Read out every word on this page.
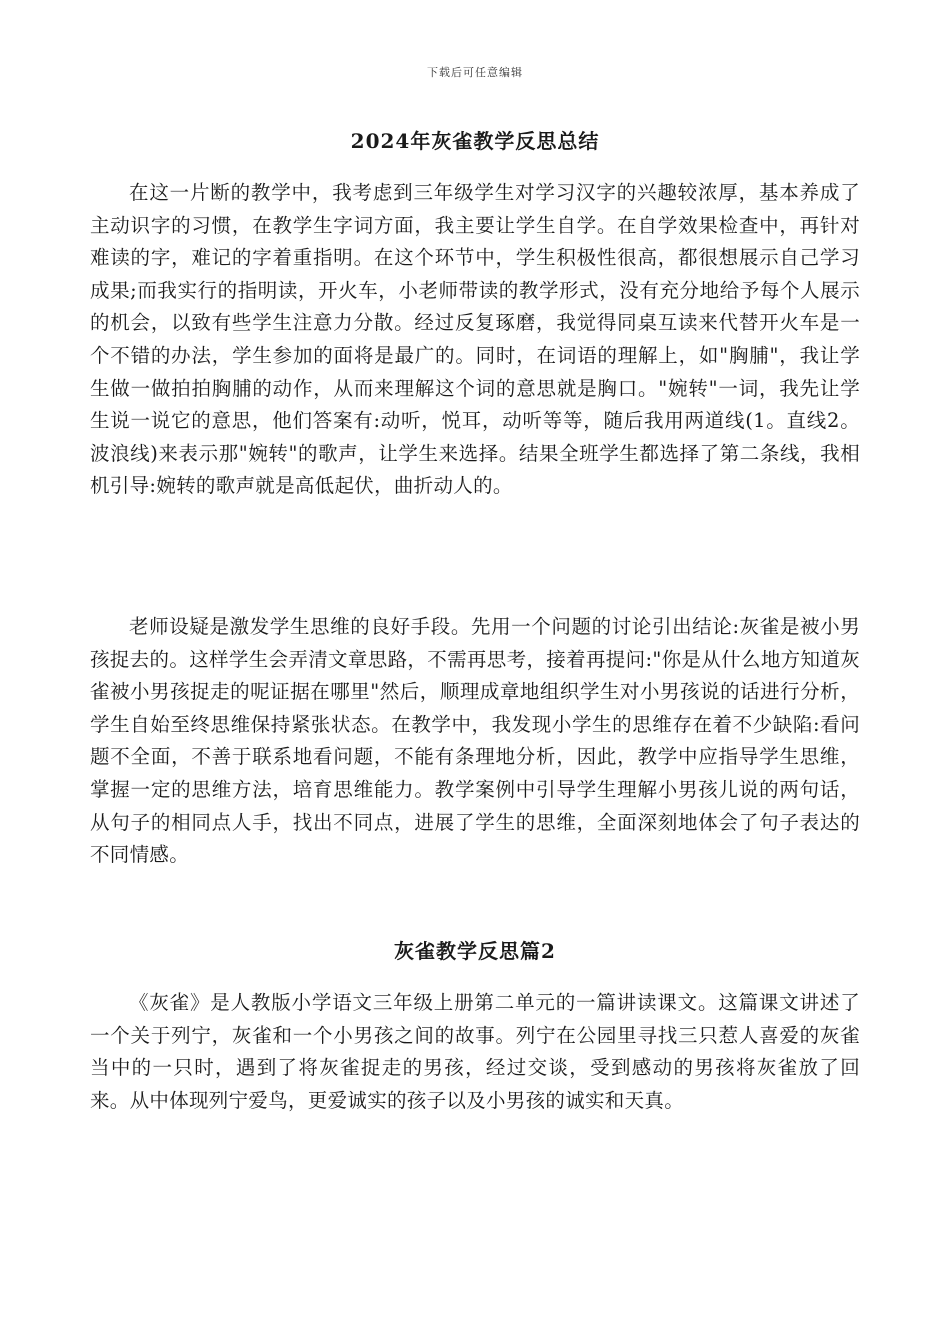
下载后可任意编辑
2024年灰雀教学反思总结

在这一片断的教学中，我考虑到三年级学生对学习汉字的兴趣较浓厚，基本养成了主动识字的习惯，在教学生字词方面，我主要让学生自学。在自学效果检查中，再针对难读的字，难记的字着重指明。在这个环节中，学生积极性很高，都很想展示自己学习成果;而我实行的指明读，开火车，小老师带读的教学形式，没有充分地给予每个人展示的机会，以致有些学生注意力分散。经过反复琢磨，我觉得同桌互读来代替开火车是一个不错的办法，学生参加的面将是最广的。同时，在词语的理解上，如"胸脯"，我让学生做一做拍拍胸脯的动作，从而来理解这个词的意思就是胸口。"婉转"一词，我先让学生说一说它的意思，他们答案有:动听，悦耳，动听等等，随后我用两道线(1。直线2。波浪线)来表示那"婉转"的歌声，让学生来选择。结果全班学生都选择了第二条线，我相机引导:婉转的歌声就是高低起伏，曲折动人的。

老师设疑是激发学生思维的良好手段。先用一个问题的讨论引出结论:灰雀是被小男孩捉去的。这样学生会弄清文章思路，不需再思考，接着再提问:"你是从什么地方知道灰雀被小男孩捉走的呢证据在哪里"然后，顺理成章地组织学生对小男孩说的话进行分析，学生自始至终思维保持紧张状态。在教学中，我发现小学生的思维存在着不少缺陷:看问题不全面，不善于联系地看问题，不能有条理地分析，因此，教学中应指导学生思维，掌握一定的思维方法，培育思维能力。教学案例中引导学生理解小男孩儿说的两句话，从句子的相同点人手，找出不同点，进展了学生的思维，全面深刻地体会了句子表达的不同情感。

灰雀教学反思篇2

《灰雀》是人教版小学语文三年级上册第二单元的一篇讲读课文。这篇课文讲述了一个关于列宁，灰雀和一个小男孩之间的故事。列宁在公园里寻找三只惹人喜爱的灰雀当中的一只时，遇到了将灰雀捉走的男孩，经过交谈，受到感动的男孩将灰雀放了回来。从中体现列宁爱鸟，更爱诚实的孩子以及小男孩的诚实和天真。
